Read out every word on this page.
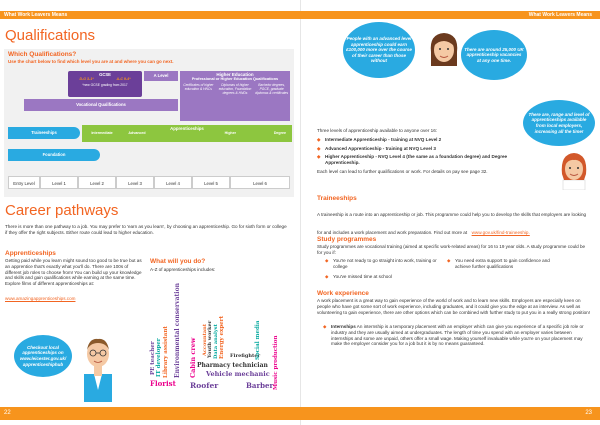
What Work Leavers Means
Qualifications
Which Qualifications?
Use the chart below to find which level you are at and where you can go next.
GCSE
D-G 3-1*	A-C 9-4*
*new GCSE grading from 2017
A Level	Higher Education
Professional or Higher Education Qualifications
Certificates of higher education & HNCs
Diplomas of higher education, Foundation degrees & HNDs
Bachelor degrees, PGCE, graduate diplomas & certificates
Vocational Qualifications
Traineeships
Apprenticeships
Intermediate	Advanced	Higher	Degree
Foundation
Entry Level	Level 1	Level 2	Level 3	Level 4	Level 5	Level 6
Career pathways
There is more than one pathway to a job. You may prefer to 'earn as you learn', by choosing an apprenticeship. Go for sixth form or college if they offer the right subjects. Either route could lead to higher education.
Apprenticeships
Getting paid while you learn might sound too good to be true but as an apprentice that's exactly what you'll do. There are 100s of different job roles to choose from! You can build up your knowledge and skills and gain qualifications while earning at the same time. Explore films of different apprenticeships at:
www.amazingapprenticeships.com
What will you do?
A-Z of apprenticeships includes:
Checkout local apprenticeships on www.leicester.gov.uk/ apprenticeshiphub
Florist
PE teacher IT developer Library assistant Environmental conservation
Roofer
Cabin crew Accountant Youth worker Data analyst Energy expert
Pharmacy technician
Vehicle mechanic
Firefighter
Social media
Barber Music production
22
What Work Leavers Means
People with an advanced level apprenticeship could earn £100,000 more over the course of their career than those without
There are around 25,000 UK apprenticeship vacancies at any one time.
There are, range and level of apprenticeships available from local employers, increasing all the time!
Three levels of apprenticeship available to anyone over 16:
◆ Intermediate Apprenticeship - training at NVQ Level 2
◆ Advanced Apprenticeship - training at NVQ Level 3
◆ Higher Apprenticeship - NVQ Level 4 (the same as a foundation degree) and Degree Apprenticeship.
Each level can lead to further qualifications or work. For details on pay see page 32.
Traineeships
A traineeship is a route into an apprenticeship or job. This programme could help you to develop the skills that employers are looking for and includes a work placement and work preparation. Find out more at www.gov.uk/find-traineeship.
Study programmes
Study programmes are vocational training (aimed at specific work-related areas) for 16 to 19 year olds. A study programme could be for you if:
◆ You're not ready to go straight into work, training or college
◆ You've missed time at school
◆ You need extra support to gain confidence and achieve further qualifications
Work experience
A work placement is a great way to gain experience of the world of work and to learn new skills. Employers are especially keen on people who have got some sort of work experience, including graduates, and it could give you the edge at an interview. As well as volunteering to gain experience, there are other options which can be combined with further study to put you in a really strong position!
◆ Internships An internship is a temporary placement with an employer which can give you experience of a specific job role or industry and they are usually aimed at undergraduates. The length of time you spend with an employer varies between internships and some are unpaid, others offer a small wage. Making yourself invaluable while you're on your placement may make the employer consider you for a job but it is by no means guaranteed.
23
